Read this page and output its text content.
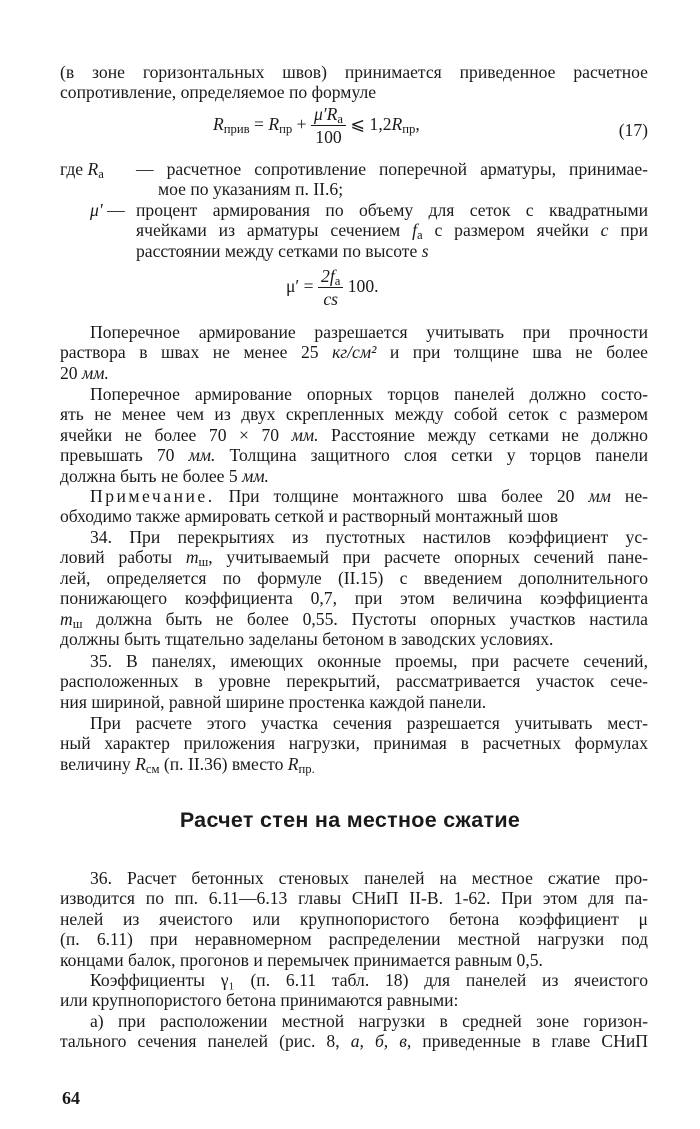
(в зоне горизонтальных швов) принимается приведенное расчетное
сопротивление, определяемое по формуле
$R_{прив} = R_{пр} + \frac{\mu'R_а}{100}$ ⩽ $1,2R_{пр}$,	(17)
где $R_а$	— расчетное сопротивление поперечной арматуры, принимае-
мое по указаниям п. II.6;
μ′ — процент армирования по объему для сеток с квадратными
ячейками из арматуры сечением $f_а$ с размером ячейки c при
расстоянии между сетками по высоте s
$\mu' = \frac{2f_а}{cs} 100$.
Поперечное армирование разрешается учитывать при прочности
раствора в швах не менее 25 кг/см² и при толщине шва не более
20 мм.
Поперечное армирование опорных торцов панелей должно состо-
ять не менее чем из двух скрепленных между собой сеток с размером
ячейки не более 70 × 70 мм. Расстояние между сетками не должно
превышать 70 мм. Толщина защитного слоя сетки у торцов панели
должна быть не более 5 мм.
Примечание. При толщине монтажного шва более 20 мм не-
обходимо также армировать сеткой и растворный монтажный шов
34. При перекрытиях из пустотных настилов коэффициент ус-
ловий работы $m_ш$, учитываемый при расчете опорных сечений пане-
лей, определяется по формуле (II.15) с введением дополнительного
понижающего коэффициента 0,7, при этом величина коэффициента
$m_ш$ должна быть не более 0,55. Пустоты опорных участков настила
должны быть тщательно заделаны бетоном в заводских условиях.
35. В панелях, имеющих оконные проемы, при расчете сечений,
расположенных в уровне перекрытий, рассматривается участок сече-
ния шириной, равной ширине простенка каждой панели.
При расчете этого участка сечения разрешается учитывать мест-
ный характер приложения нагрузки, принимая в расчетных формулах
величину $R_{см}$ (п. II.36) вместо $R_{пр.}$
Расчет стен на местное сжатие
36. Расчет бетонных стеновых панелей на местное сжатие про-
изводится по пп. 6.11—6.13 главы СНиП II-В. 1-62. При этом для па-
нелей из ячеистого или крупнопористого бетона коэффициент μ
(п. 6.11) при неравномерном распределении местной нагрузки под
концами балок, прогонов и перемычек принимается равным 0,5.
Коэффициенты γ₁ (п. 6.11 табл. 18) для панелей из ячеистого
или крупнопористого бетона принимаются равными:
а) при расположении местной нагрузки в средней зоне горизон-
тального сечения панелей (рис. 8, а, б, в, приведенные в главе СНиП
64
